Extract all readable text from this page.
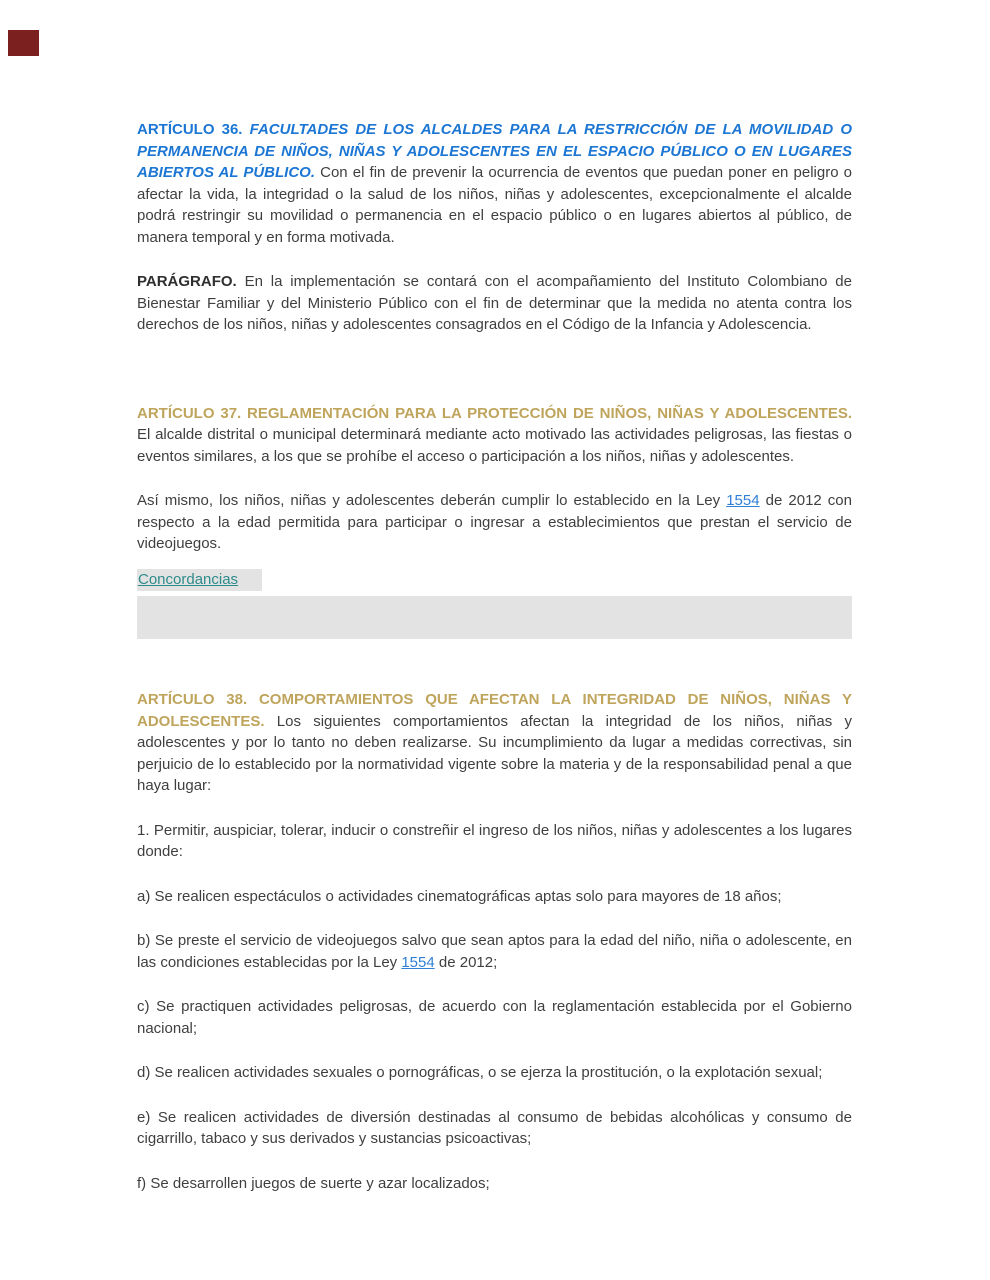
ARTÍCULO 36. FACULTADES DE LOS ALCALDES PARA LA RESTRICCIÓN DE LA MOVILIDAD O PERMANENCIA DE NIÑOS, NIÑAS Y ADOLESCENTES EN EL ESPACIO PÚBLICO O EN LUGARES ABIERTOS AL PÚBLICO. Con el fin de prevenir la ocurrencia de eventos que puedan poner en peligro o afectar la vida, la integridad o la salud de los niños, niñas y adolescentes, excepcionalmente el alcalde podrá restringir su movilidad o permanencia en el espacio público o en lugares abiertos al público, de manera temporal y en forma motivada.

PARÁGRAFO. En la implementación se contará con el acompañamiento del Instituto Colombiano de Bienestar Familiar y del Ministerio Público con el fin de determinar que la medida no atenta contra los derechos de los niños, niñas y adolescentes consagrados en el Código de la Infancia y Adolescencia.

ARTÍCULO 37. REGLAMENTACIÓN PARA LA PROTECCIÓN DE NIÑOS, NIÑAS Y ADOLESCENTES. El alcalde distrital o municipal determinará mediante acto motivado las actividades peligrosas, las fiestas o eventos similares, a los que se prohíbe el acceso o participación a los niños, niñas y adolescentes.

Así mismo, los niños, niñas y adolescentes deberán cumplir lo establecido en la Ley 1554 de 2012 con respecto a la edad permitida para participar o ingresar a establecimientos que prestan el servicio de videojuegos.

Concordancias

ARTÍCULO 38. COMPORTAMIENTOS QUE AFECTAN LA INTEGRIDAD DE NIÑOS, NIÑAS Y ADOLESCENTES. Los siguientes comportamientos afectan la integridad de los niños, niñas y adolescentes y por lo tanto no deben realizarse. Su incumplimiento da lugar a medidas correctivas, sin perjuicio de lo establecido por la normatividad vigente sobre la materia y de la responsabilidad penal a que haya lugar:

1. Permitir, auspiciar, tolerar, inducir o constreñir el ingreso de los niños, niñas y adolescentes a los lugares donde:

a) Se realicen espectáculos o actividades cinematográficas aptas solo para mayores de 18 años;

b) Se preste el servicio de videojuegos salvo que sean aptos para la edad del niño, niña o adolescente, en las condiciones establecidas por la Ley 1554 de 2012;

c) Se practiquen actividades peligrosas, de acuerdo con la reglamentación establecida por el Gobierno nacional;

d) Se realicen actividades sexuales o pornográficas, o se ejerza la prostitución, o la explotación sexual;

e) Se realicen actividades de diversión destinadas al consumo de bebidas alcohólicas y consumo de cigarrillo, tabaco y sus derivados y sustancias psicoactivas;

f) Se desarrollen juegos de suerte y azar localizados;
